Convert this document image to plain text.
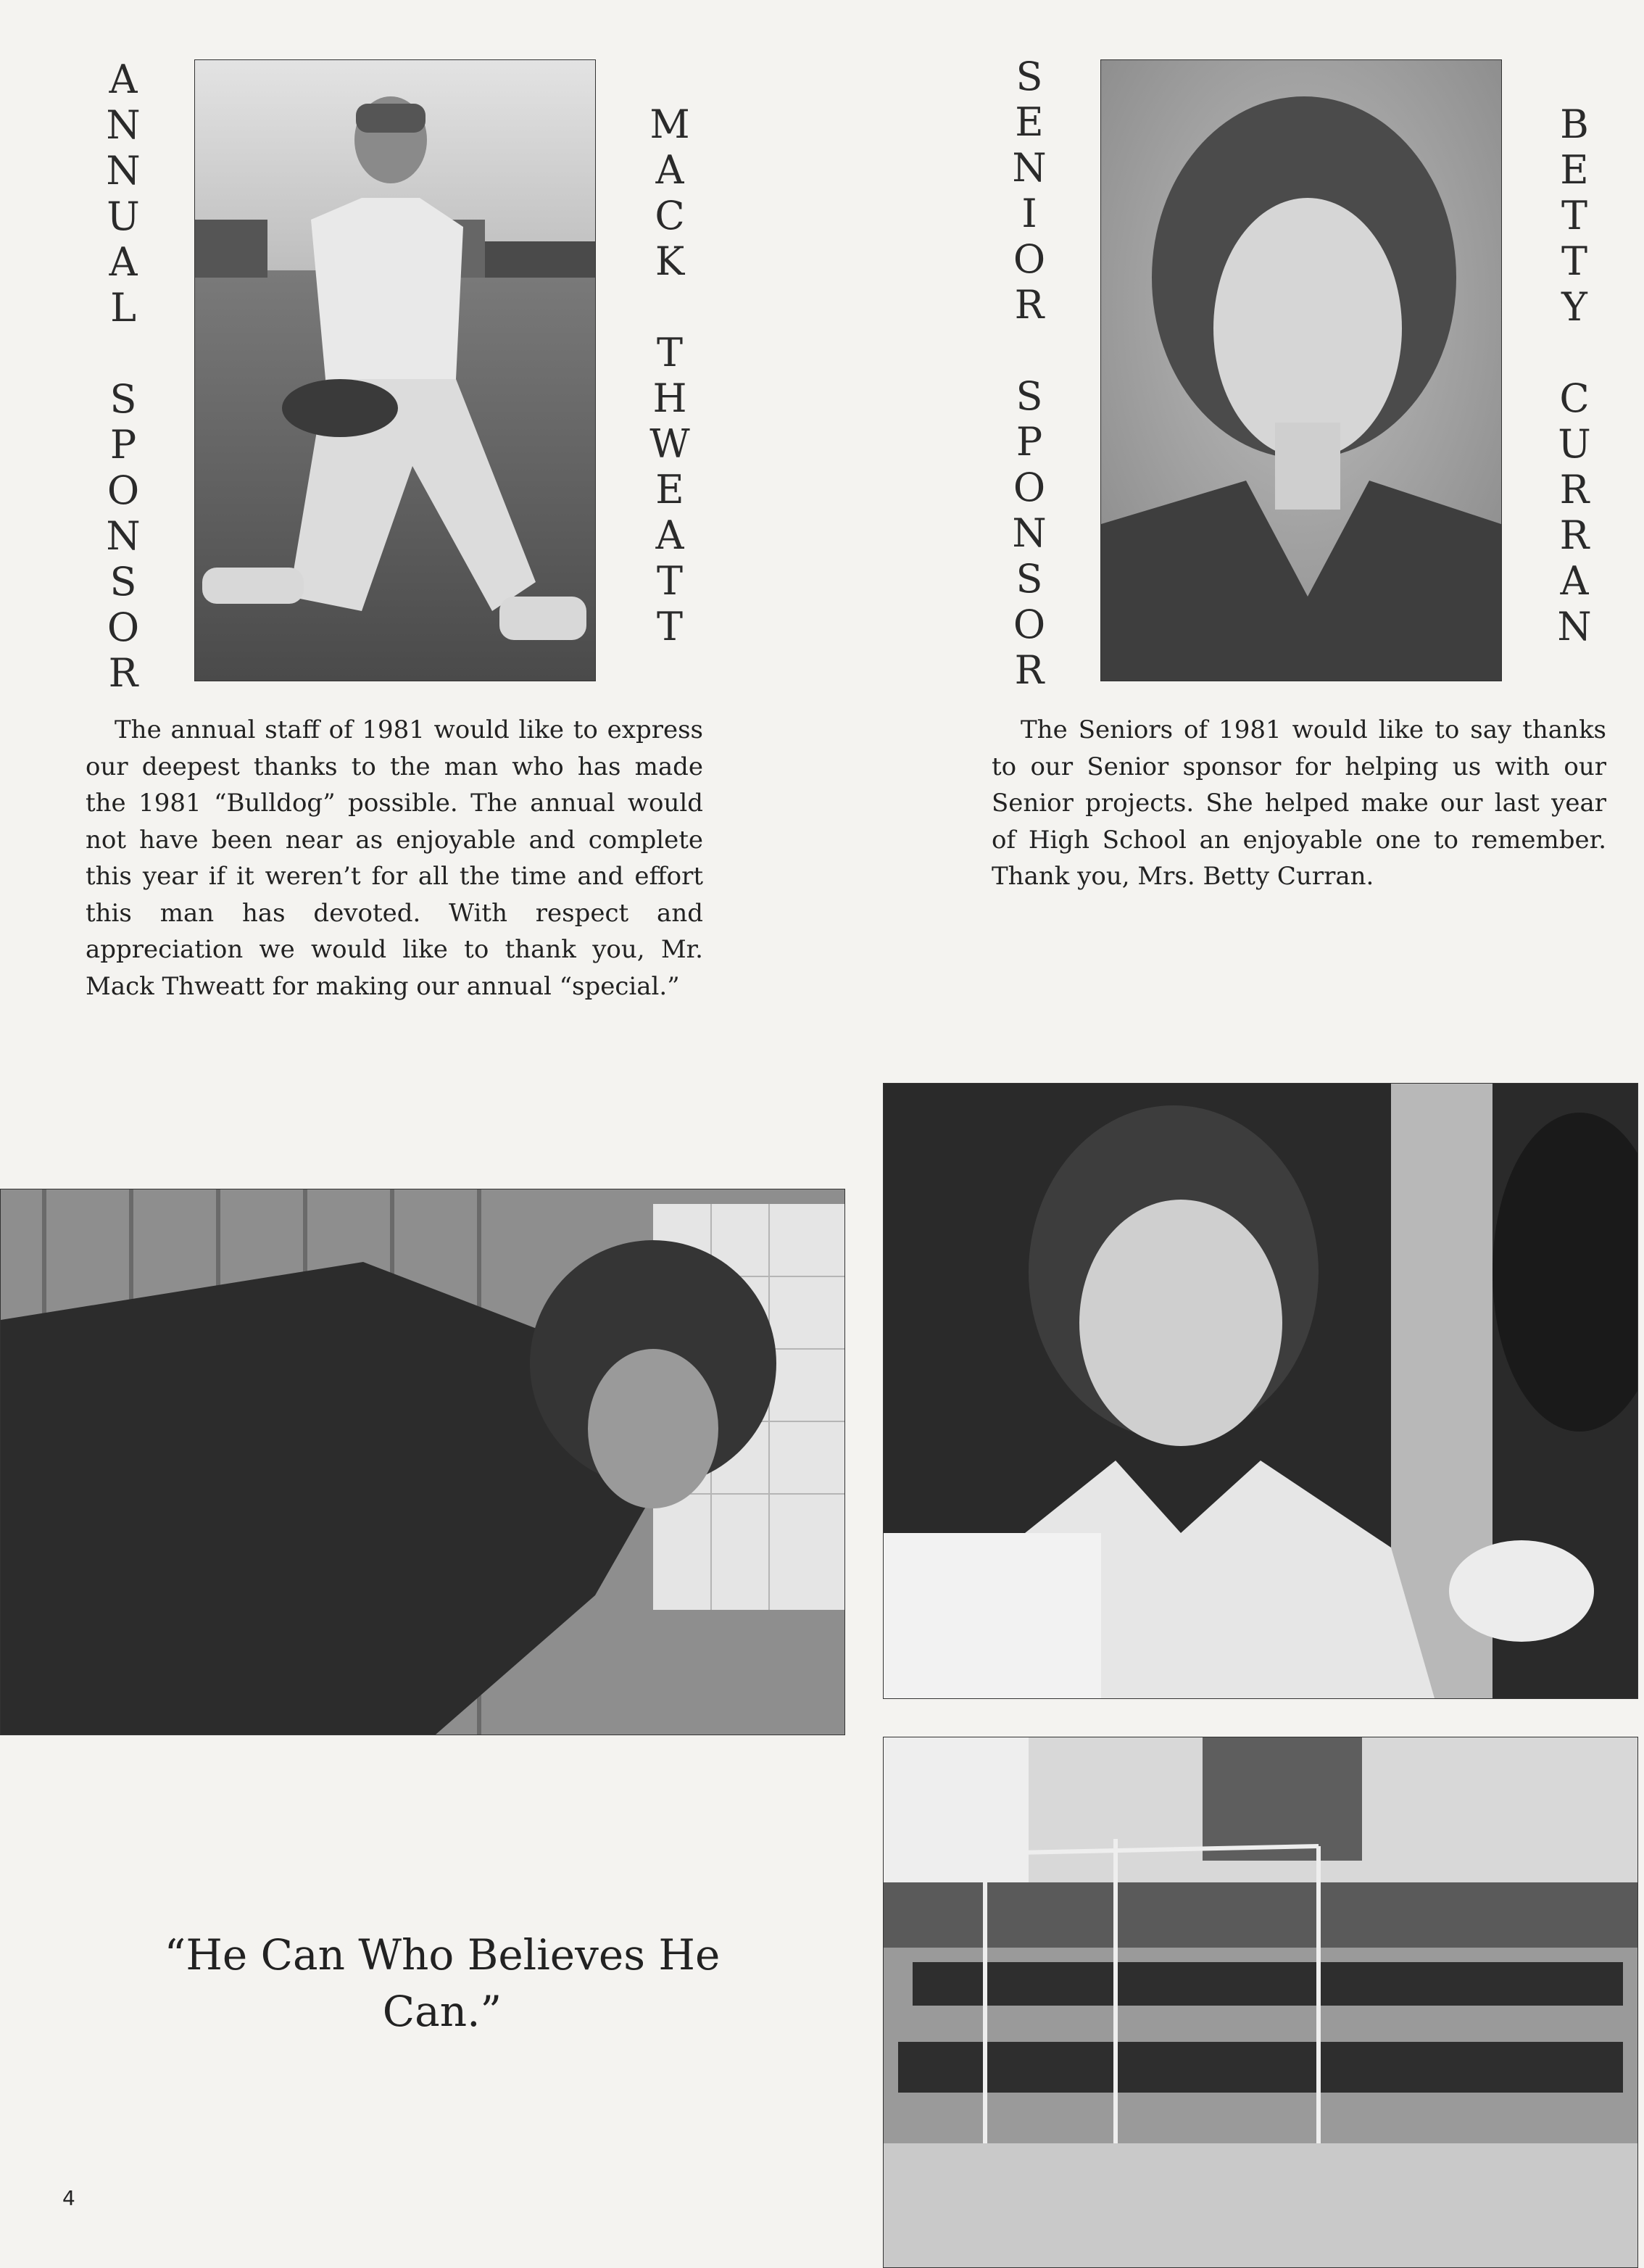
A
N
N
U
A
L
S
P
O
N
S
O
R
M
A
C
K
T
H
W
E
A
T
T
The annual staff of 1981 would like to express our deepest thanks to the man who has made the 1981 “Bulldog” possible. The annual would not have been near as enjoyable and complete this year if it weren’t for all the time and effort this man has devoted. With respect and appreciation we would like to thank you, Mr. Mack Thweatt for making our annual “special.”
S
E
N
I
O
R
S
P
O
N
S
O
R
B
E
T
T
Y
C
U
R
R
A
N
The Seniors of 1981 would like to say thanks to our Senior sponsor for helping us with our Senior projects. She helped make our last year of High School an enjoyable one to remember. Thank you, Mrs. Betty Curran.
“He Can Who Believes He Can.”
4
